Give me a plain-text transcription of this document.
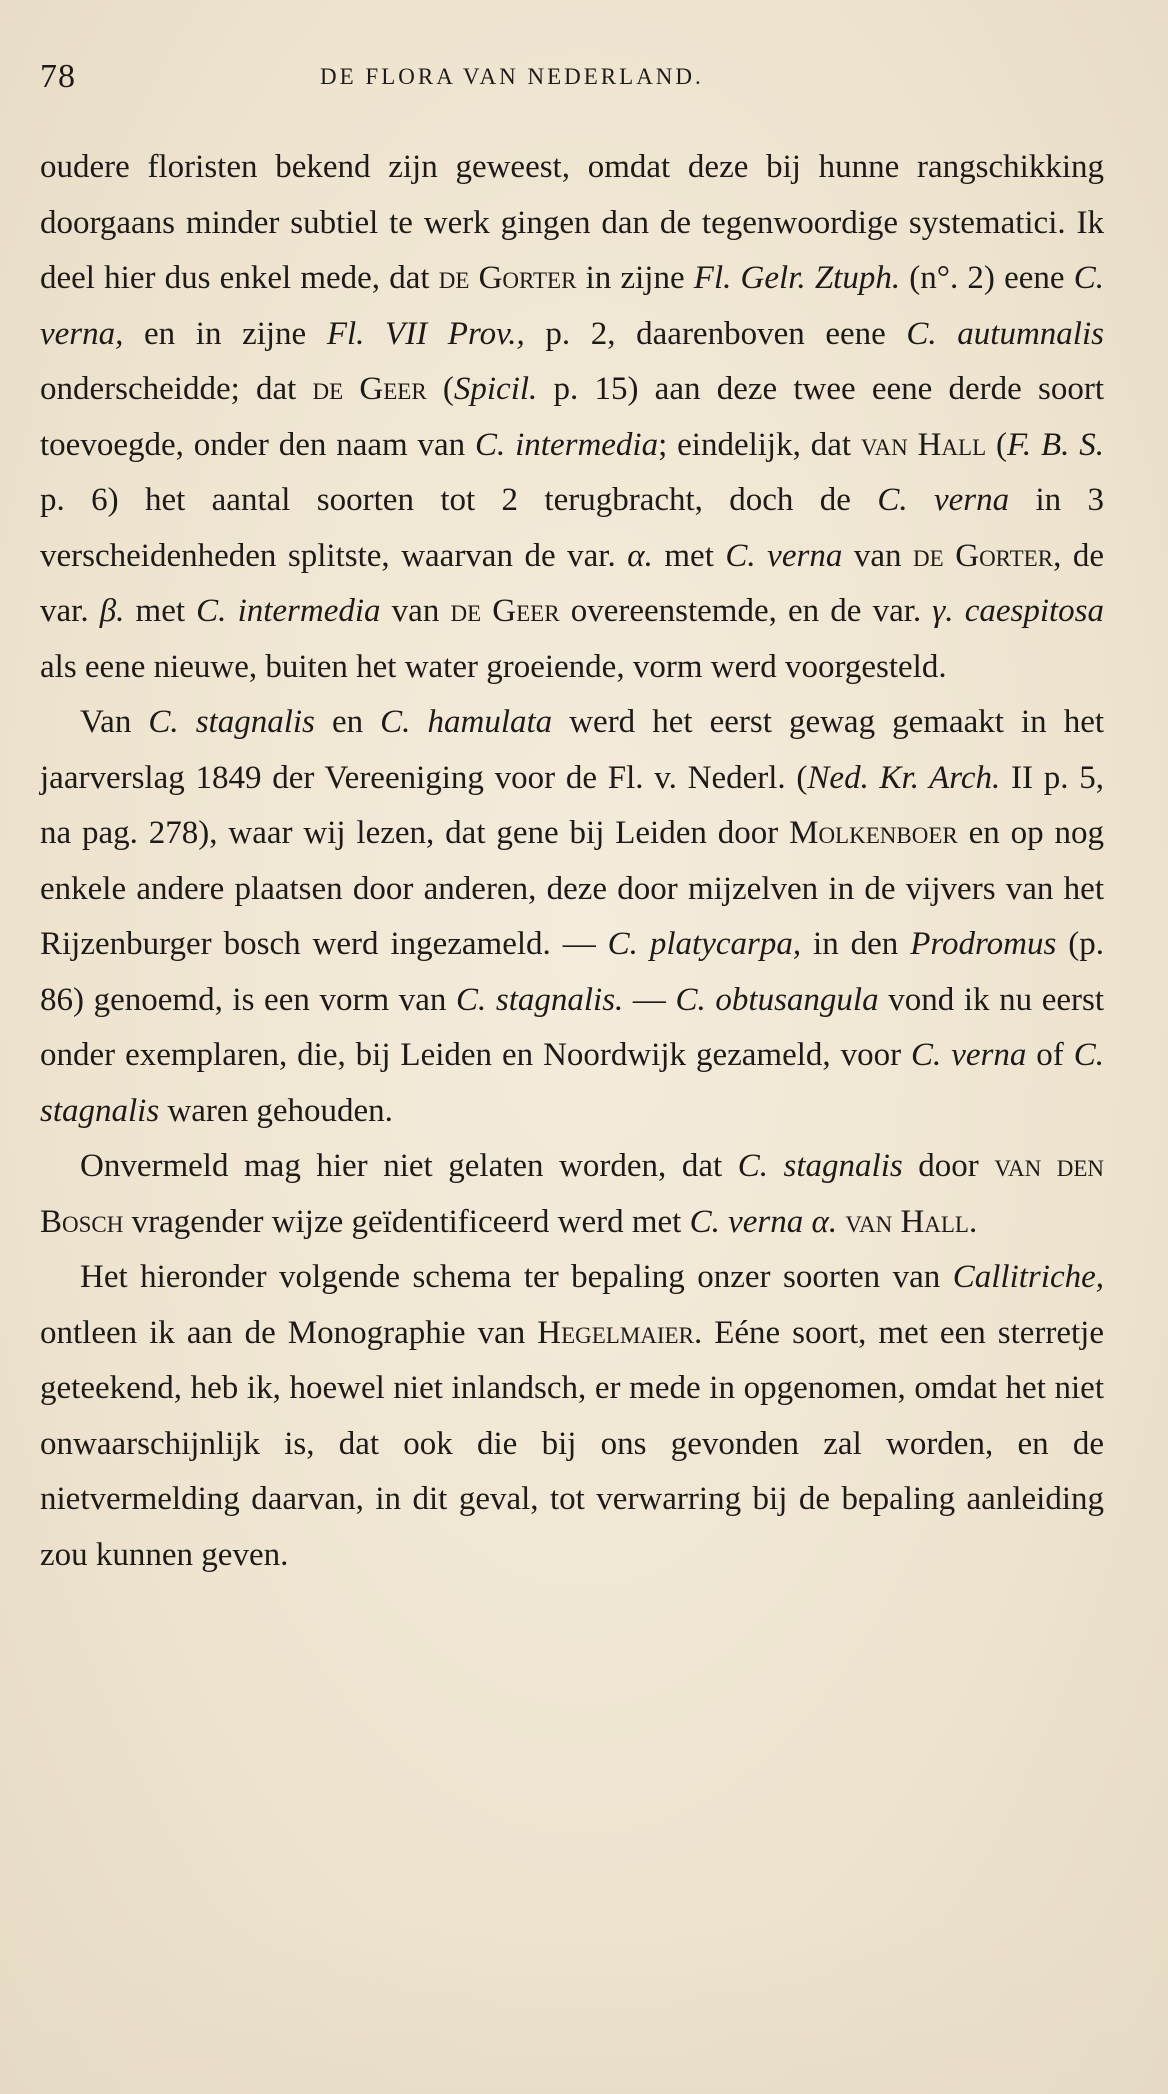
78	DE FLORA VAN NEDERLAND.

oudere floristen bekend zijn geweest, omdat deze bij hunne rangschikking doorgaans minder subtiel te werk gingen dan de tegenwoordige systematici. Ik deel hier dus enkel mede, dat de Gorter in zijne Fl. Gelr. Ztuph. (n°. 2) eene C. verna, en in zijne Fl. VII Prov., p. 2, daarenboven eene C. autumnalis onderscheidde; dat de Geer (Spicil. p. 15) aan deze twee eene derde soort toevoegde, onder den naam van C. intermedia; eindelijk, dat van Hall (F. B. S. p. 6) het aantal soorten tot 2 terugbracht, doch de C. verna in 3 verscheidenheden splitste, waarvan de var. α. met C. verna van de Gorter, de var. β. met C. intermedia van de Geer overeenstemde, en de var. γ. caespitosa als eene nieuwe, buiten het water groeiende, vorm werd voorgesteld.

Van C. stagnalis en C. hamulata werd het eerst gewag gemaakt in het jaarverslag 1849 der Vereeniging voor de Fl. v. Nederl. (Ned. Kr. Arch. II p. 5, na pag. 278), waar wij lezen, dat gene bij Leiden door Molkenboer en op nog enkele andere plaatsen door anderen, deze door mijzelven in de vijvers van het Rijzenburger bosch werd ingezameld. — C. platycarpa, in den Prodromus (p. 86) genoemd, is een vorm van C. stagnalis. — C. obtusangula vond ik nu eerst onder exemplaren, die, bij Leiden en Noordwijk gezameld, voor C. verna of C. stagnalis waren gehouden.

Onvermeld mag hier niet gelaten worden, dat C. stagnalis door van den Bosch vragender wijze geïdentificeerd werd met C. verna α. van Hall.

Het hieronder volgende schema ter bepaling onzer soorten van Callitriche, ontleen ik aan de Monographie van Hegelmaier. Eéne soort, met een sterretje geteekend, heb ik, hoewel niet inlandsch, er mede in opgenomen, omdat het niet onwaarschijnlijk is, dat ook die bij ons gevonden zal worden, en de nietvermelding daarvan, in dit geval, tot verwarring bij de bepaling aanleiding zou kunnen geven.
